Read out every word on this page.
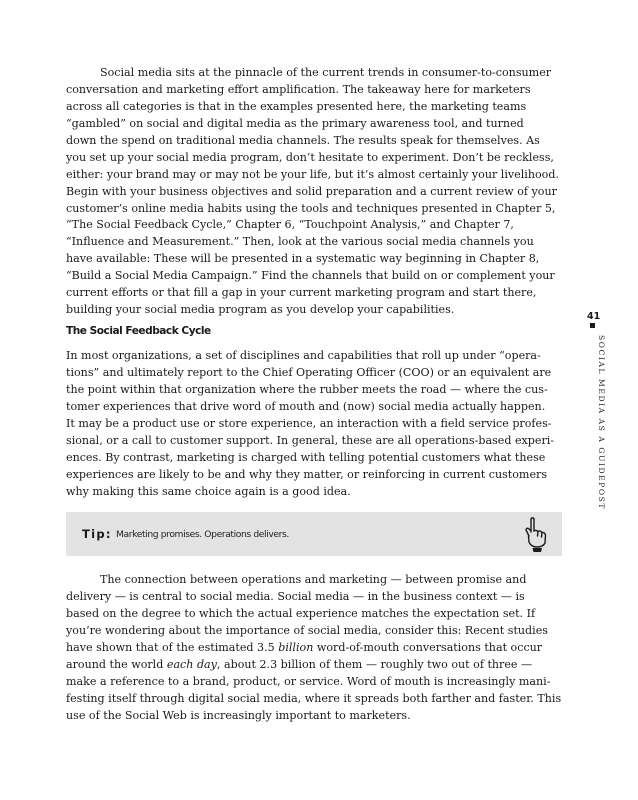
Social media sits at the pinnacle of the current trends in consumer-to-consumer
conversation and marketing effort amplification. The takeaway here for marketers
across all categories is that in the examples presented here, the marketing teams
“gambled” on social and digital media as the primary awareness tool, and turned
down the spend on traditional media channels. The results speak for themselves. As
you set up your social media program, don’t hesitate to experiment. Don’t be reckless,
either: your brand may or may not be your life, but it’s almost certainly your livelihood.
Begin with your business objectives and solid preparation and a current review of your
customer’s online media habits using the tools and techniques presented in Chapter 5,
“The Social Feedback Cycle,” Chapter 6, “Touchpoint Analysis,” and Chapter 7,
“Influence and Measurement.” Then, look at the various social media channels you
have available: These will be presented in a systematic way beginning in Chapter 8,
“Build a Social Media Campaign.” Find the channels that build on or complement your
current efforts or that fill a gap in your current marketing program and start there,
building your social media program as you develop your capabilities.

The Social Feedback Cycle

In most organizations, a set of disciplines and capabilities that roll up under “opera-
tions” and ultimately report to the Chief Operating Officer (COO) or an equivalent are
the point within that organization where the rubber meets the road — where the cus-
tomer experiences that drive word of mouth and (now) social media actually happen.
It may be a product use or store experience, an interaction with a field service profes-
sional, or a call to customer support. In general, these are all operations-based experi-
ences. By contrast, marketing is charged with telling potential customers what these
experiences are likely to be and why they matter, or reinforcing in current customers
why making this same choice again is a good idea.

Tip: Marketing promises. Operations delivers.

The connection between operations and marketing — between promise and
delivery — is central to social media. Social media — in the business context — is
based on the degree to which the actual experience matches the expectation set. If
you’re wondering about the importance of social media, consider this: Recent studies
have shown that of the estimated 3.5 billion word-of-mouth conversations that occur
around the world each day, about 2.3 billion of them — roughly two out of three —
make a reference to a brand, product, or service. Word of mouth is increasingly mani-
festing itself through digital social media, where it spreads both farther and faster. This
use of the Social Web is increasingly important to marketers.

41
SOCIAL MEDIA AS A GUIDEPOST
